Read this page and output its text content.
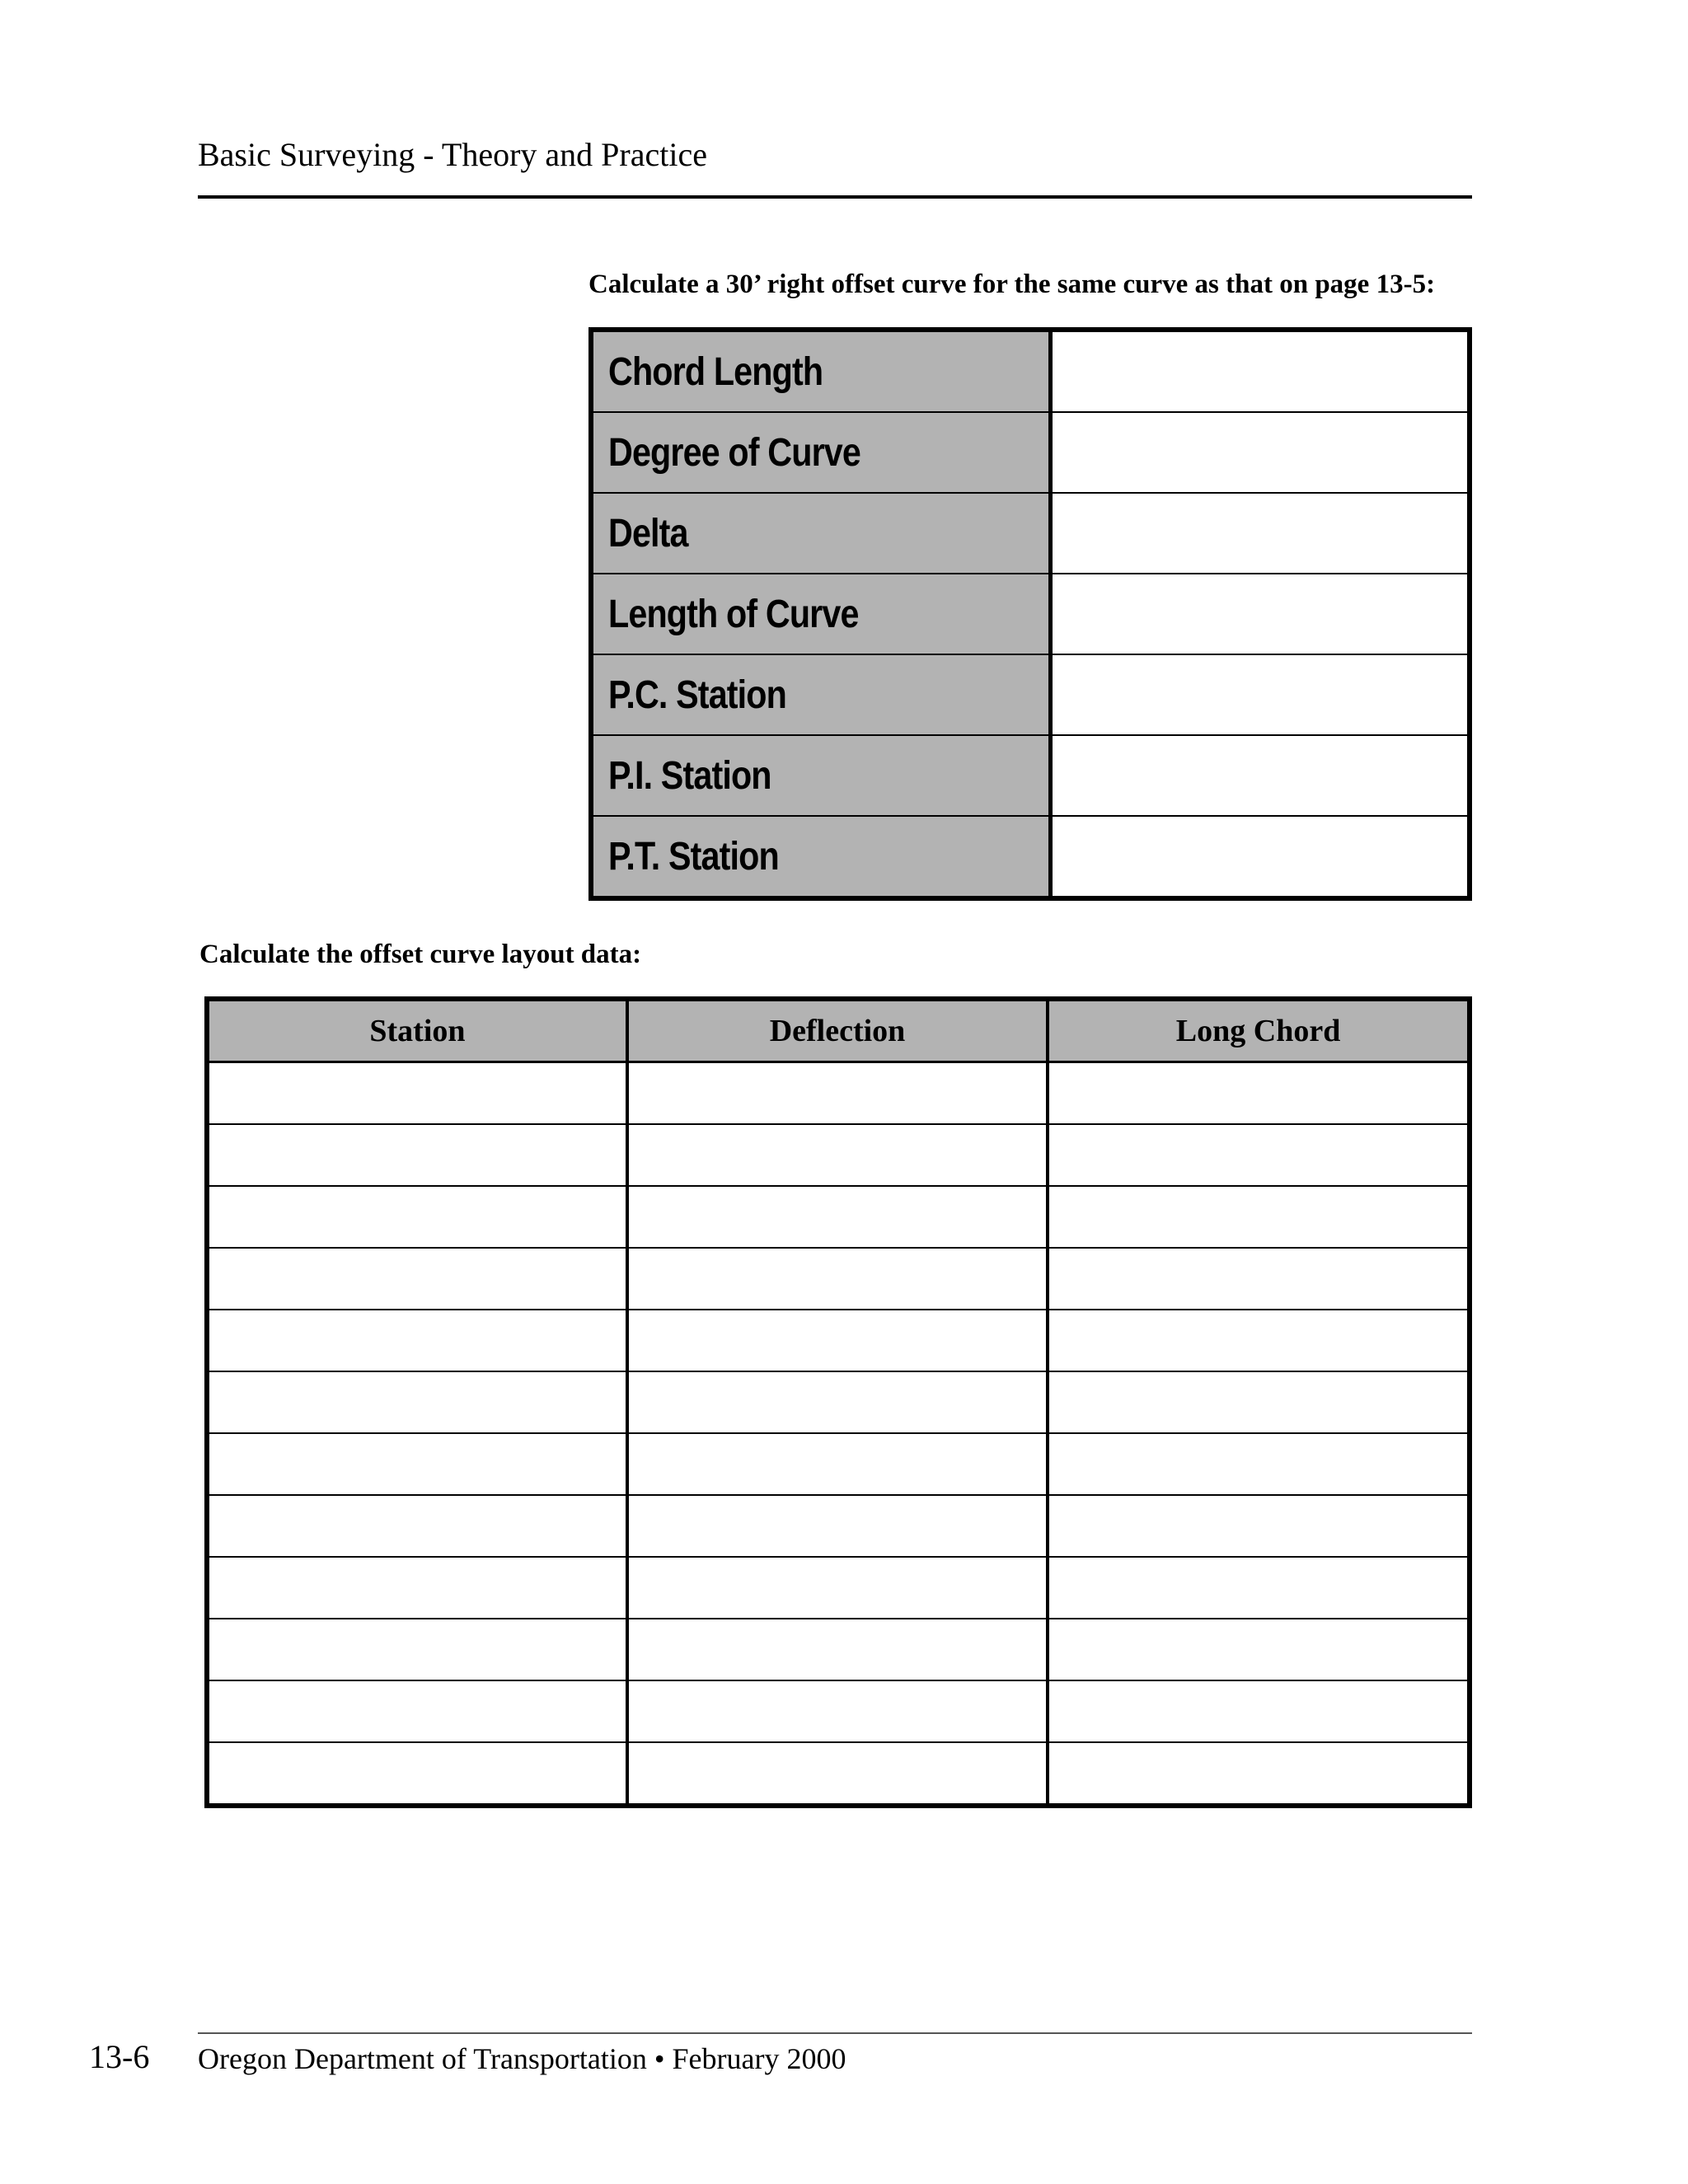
Basic Surveying - Theory and Practice
Calculate a 30’ right offset curve for the same curve as that on page 13-5:
Chord Length	
Degree of Curve	
Delta	
Length of Curve	
P.C. Station	
P.I. Station	
P.T. Station	
Calculate the offset curve layout data:
Station	Deflection	Long Chord

13-6 Oregon Department of Transportation • February 2000
